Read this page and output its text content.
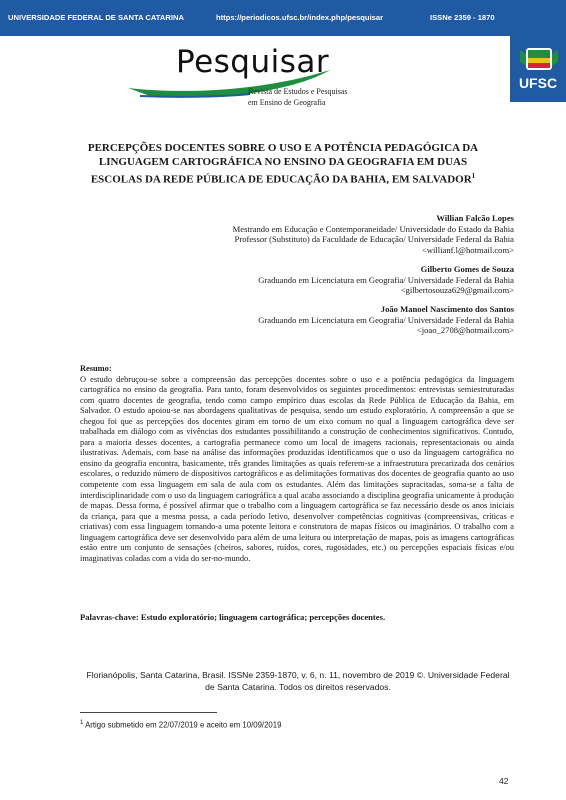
UNIVERSIDADE FEDERAL DE SANTA CATARINA	https://periodicos.ufsc.br/index.php/pesquisar	ISSNe 2359 - 1870
UFSC
Pesquisar
Revista de Estudos e Pesquisas
em Ensino de Geografia
PERCEPÇÕES DOCENTES SOBRE O USO E A POTÊNCIA PEDAGÓGICA DA
LINGUAGEM CARTOGRÁFICA NO ENSINO DA GEOGRAFIA EM DUAS
ESCOLAS DA REDE PÚBLICA DE EDUCAÇÃO DA BAHIA, EM SALVADOR$^1$
Willian Falcão Lopes
Mestrando em Educação e Contemporaneidade/ Universidade do Estado da Bahia
Professor (Substituto) da Faculdade de Educação/ Universidade Federal da Bahia
<willianf.l@hotmail.com>
Gilberto Gomes de Souza
Graduando em Licenciatura em Geografia/ Universidade Federal da Bahia
<gilbertosouza629@gmail.com>
João Manoel Nascimento dos Santos
Graduando em Licenciatura em Geografia/ Universidade Federal da Bahia
<joao_2708@hotmail.com>
Resumo:
O estudo debruçou-se sobre a compreensão das percepções docentes sobre o uso e a potência pedagógica da linguagem cartográfica no ensino da geografia. Para tanto, foram desenvolvidos os seguintes procedimentos: entrevistas semiestruturadas com quatro docentes de geografia, tendo como campo empírico duas escolas da Rede Pública de Educação da Bahia, em Salvador. O estudo apoiou-se nas abordagens qualitativas de pesquisa, sendo um estudo exploratório. A compreensão a que se chegou foi que as percepções dos docentes giram em torno de um eixo comum no qual a linguagem cartográfica deve ser trabalhada em diálogo com as vivências dos estudantes possibilitando a construção de conhecimentos significativos. Contudo, para a maioria desses docentes, a cartografia permanece como um local de imagens racionais, representacionais ou ainda ilustrativas. Ademais, com base na análise das informações produzidas identificamos que o uso da linguagem cartográfica no ensino da geografia encontra, basicamente, três grandes limitações as quais referem-se a infraestrutura precarizada dos cenários escolares, o reduzido número de dispositivos cartográficos e as delimitações formativas dos docentes de geografia quanto ao uso competente com essa linguagem em sala de aula com os estudantes. Além das limitações supracitadas, soma-se a falta de interdisciplinaridade com o uso da linguagem cartográfica a qual acaba associando a disciplina geografia unicamente à produção de mapas. Dessa forma, é possível afirmar que o trabalho com a linguagem cartográfica se faz necessário desde os anos iniciais da criança, para que a mesma possa, a cada período letivo, desenvolver competências cognitivas (compreensivas, críticas e criativas) com essa linguagem tornando-a uma potente leitora e construtora de mapas físicos ou imaginários. O trabalho com a linguagem cartográfica deve ser desenvolvido para além de uma leitura ou interpretação de mapas, pois as imagens cartográficas estão entre um conjunto de sensações (cheiros, sabores, ruídos, cores, rugosidades, etc.) ou percepções espaciais físicas e/ou imaginativas coladas com a vida do ser-no-mundo.
Palavras-chave: Estudo exploratório; linguagem cartográfica; percepções docentes.
Florianópolis, Santa Catarina, Brasil. ISSNe 2359-1870, v. 6, n. 11, novembro de 2019 ©. Universidade Federal
de Santa Catarina. Todos os direitos reservados.
$^1$ Artigo submetido em 22/07/2019 e aceito em 10/09/2019
42
